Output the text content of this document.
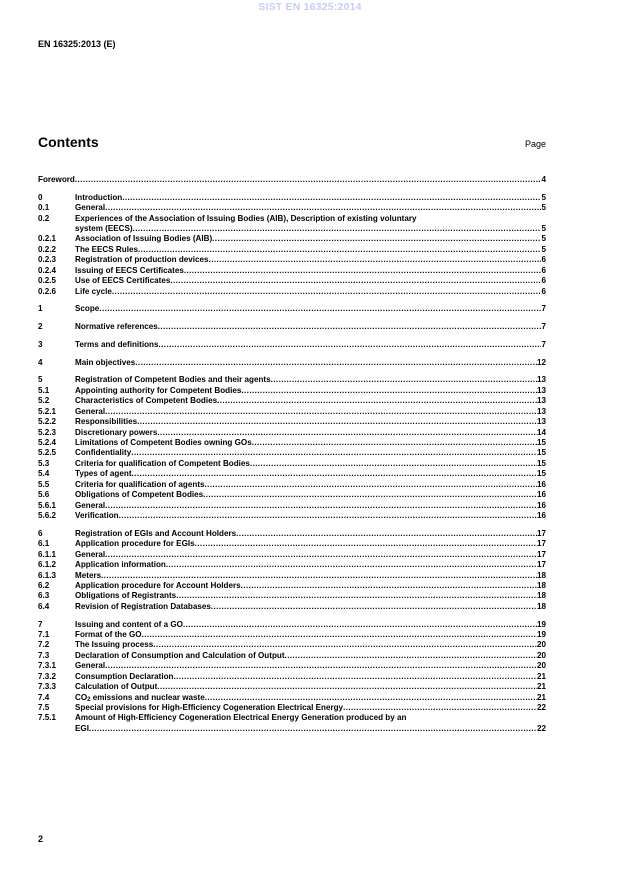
SIST EN 16325:2014
EN 16325:2013 (E)
Contents	Page
Foreword .....	4
0	Introduction .....	5
0.1	General .....	5
0.2	Experiences of the Association of Issuing Bodies (AIB), Description of existing voluntary
system (EECS) .....	5
0.2.1	Association of Issuing Bodies (AIB) .....	5
0.2.2	The EECS Rules .....	5
0.2.3	Registration of production devices .....	6
0.2.4	Issuing of EECS Certificates .....	6
0.2.5	Use of EECS Certificates .....	6
0.2.6	Life cycle .....	6
1	Scope .....	7
2	Normative references .....	7
3	Terms and definitions .....	7
4	Main objectives .....	12
5	Registration of Competent Bodies and their agents .....	13
5.1	Appointing authority for Competent Bodies .....	13
5.2	Characteristics of Competent Bodies .....	13
5.2.1	General .....	13
5.2.2	Responsibilities .....	13
5.2.3	Discretionary powers .....	14
5.2.4	Limitations of Competent Bodies owning GOs .....	15
5.2.5	Confidentiality .....	15
5.3	Criteria for qualification of Competent Bodies .....	15
5.4	Types of agent .....	15
5.5	Criteria for qualification of agents .....	16
5.6	Obligations of Competent Bodies .....	16
5.6.1	General .....	16
5.6.2	Verification .....	16
6	Registration of EGIs and Account Holders .....	17
6.1	Application procedure for EGIs .....	17
6.1.1	General .....	17
6.1.2	Application information .....	17
6.1.3	Meters .....	18
6.2	Application procedure for Account Holders .....	18
6.3	Obligations of Registrants .....	18
6.4	Revision of Registration Databases .....	18
7	Issuing and content of a GO .....	19
7.1	Format of the GO .....	19
7.2	The Issuing process .....	20
7.3	Declaration of Consumption and Calculation of Output .....	20
7.3.1	General .....	20
7.3.2	Consumption Declaration .....	21
7.3.3	Calculation of Output .....	21
7.4	$CO_2$ emissions and nuclear waste .....	21
7.5	Special provisions for High-Efficiency Cogeneration Electrical Energy .....	22
7.5.1	Amount of High-Efficiency Cogeneration Electrical Energy Generation produced by an
EGI .....	22
2
